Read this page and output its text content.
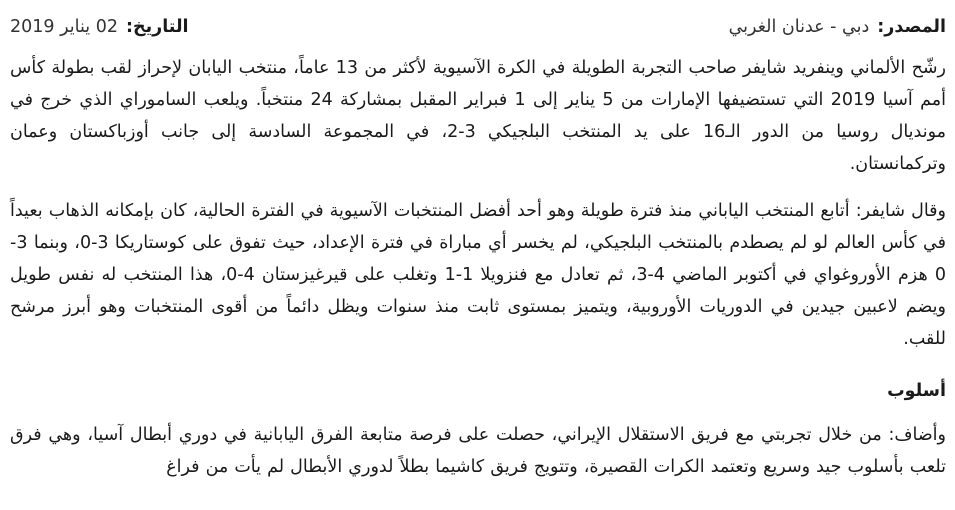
المصدر:
دبي - عدنان الغربي
التاريخ:
02 يناير 2019

رشّح الألماني وينفريد شايفر صاحب التجربة الطويلة في الكرة الآسيوية لأكثر من 13 عاماً، منتخب اليابان لإحراز لقب بطولة كأس أمم آسيا 2019 التي تستضيفها الإمارات من 5 يناير إلى 1 فبراير المقبل بمشاركة 24 منتخباً. ويلعب الساموراي الذي خرج في مونديال روسيا من الدور الـ16 على يد المنتخب البلجيكي 3-2، في المجموعة السادسة إلى جانب أوزباكستان وعمان وتركمانستان.

وقال شايفر: أتابع المنتخب الياباني منذ فترة طويلة وهو أحد أفضل المنتخبات الآسيوية في الفترة الحالية، كان بإمكانه الذهاب بعيداً في كأس العالم لو لم يصطدم بالمنتخب البلجيكي، لم يخسر أي مباراة في فترة الإعداد، حيث تفوق على كوستاريكا 3-0، وبنما 3-0 هزم الأوروغواي في أكتوبر الماضي 4-3، ثم تعادل مع فنزويلا 1-1 وتغلب على قيرغيزستان 4-0، هذا المنتخب له نفس طويل ويضم لاعبين جيدين في الدوريات الأوروبية، ويتميز بمستوى ثابت منذ سنوات ويظل دائماً من أقوى المنتخبات وهو أبرز مرشح للقب.

أسلوب

وأضاف: من خلال تجربتي مع فريق الاستقلال الإيراني، حصلت على فرصة متابعة الفرق اليابانية في دوري أبطال آسيا، وهي فرق تلعب بأسلوب جيد وسريع وتعتمد الكرات القصيرة، وتتويج فريق كاشيما بطلاً لدوري الأبطال لم يأت من فراغ
